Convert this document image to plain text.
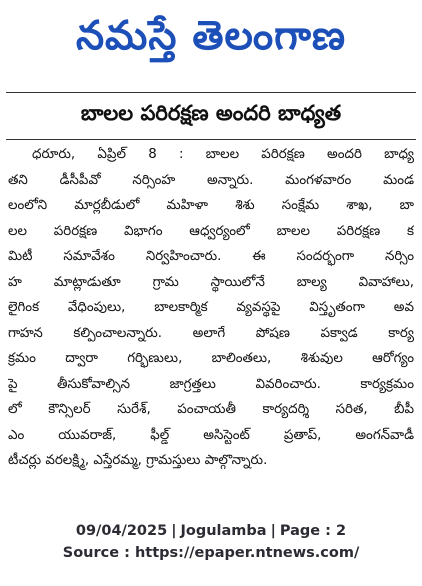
నమస్తే తెలంగాణ
బాలల పరిరక్షణ అందరి బాధ్యత
ధరూరు, ఏప్రిల్ 8 : బాలల పరిరక్షణ అందరి బాధ్య
తని డీసీపీవో నర్సింహ అన్నారు. మంగళవారం మండ
లంలోని మార్లబీడులో మహిళా శిశు సంక్షేమ శాఖ, బా
లల పరిరక్షణ విభాగం ఆధ్వర్యంలో బాలల పరిరక్షణ క
మిటీ సమావేశం నిర్వహించారు. ఈ సందర్భంగా నర్సిం
హ మాట్లాడుతూ గ్రామ స్థాయిలోనే బాల్య వివాహాలు,
లైగింక వేధింపులు, బాలకార్మిక వ్యవస్థపై విస్తృతంగా అవ
గాహన కల్పించాలన్నారు. అలాగే పోషణ పక్వాడ కార్య
క్రమం ద్వారా గర్భిణులు, బాలింతలు, శిశువుల ఆరోగ్యం
పై తీసుకోవాల్సిన జాగ్రత్తలు వివరించారు. కార్యక్రమం
లో కౌన్సిలర్ సురేశ్, పంచాయతీ కార్యదర్శి సరిత, బీపీ
ఎం యువరాజ్, ఫీల్డ్ అసిస్టెంట్ ప్రతాప్, అంగన్‌వాడీ
టీచర్లు వరలక్ష్మి, ఎస్తేరమ్మ, గ్రామస్తులు పాల్గొన్నారు.
09/04/2025 | Jogulamba | Page : 2
Source : https://epaper.ntnews.com/
